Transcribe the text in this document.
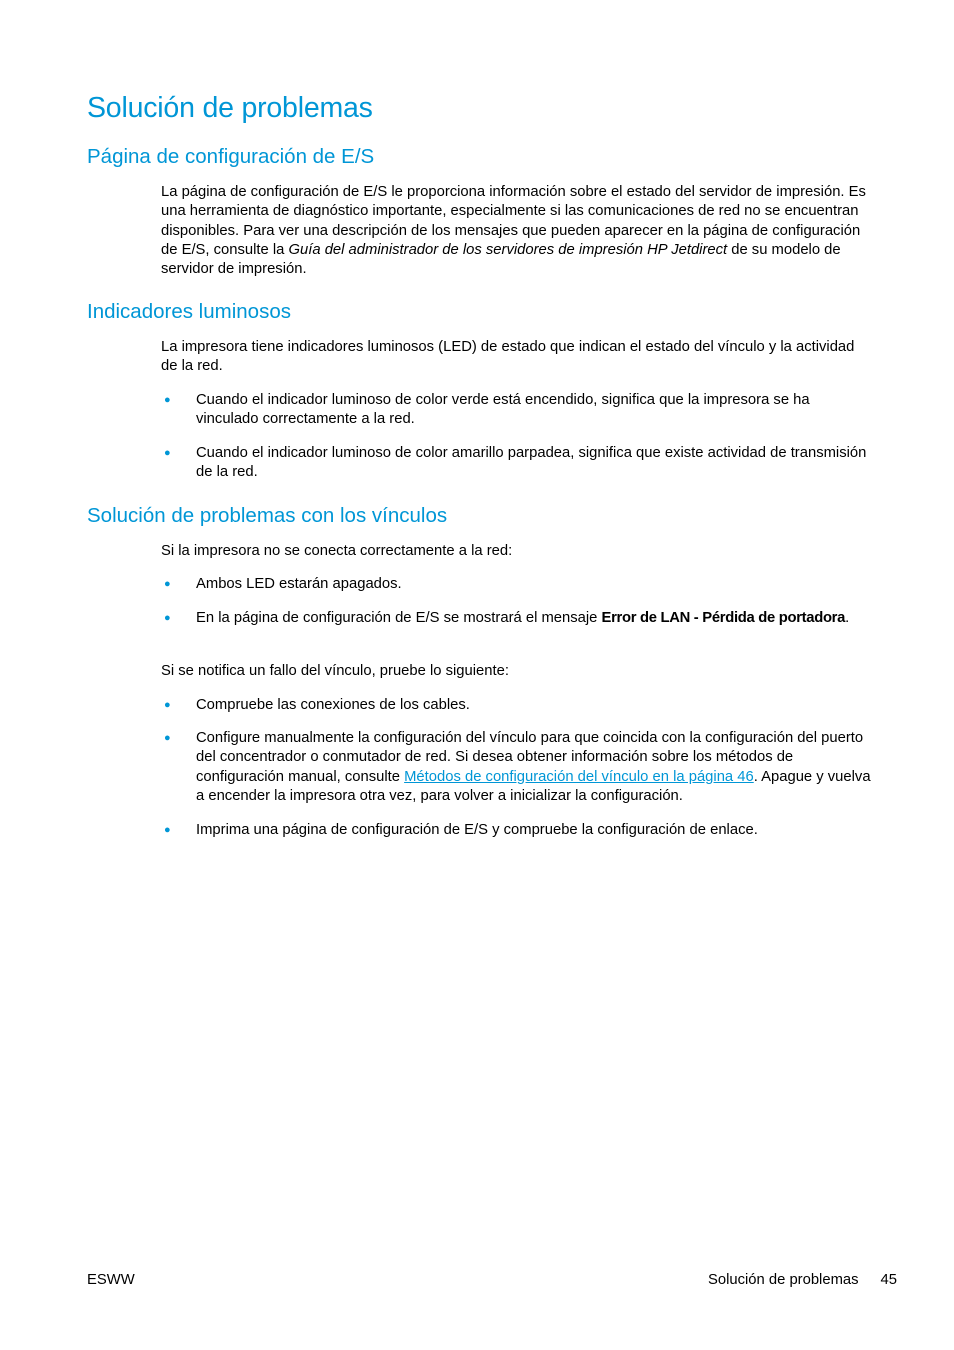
Solución de problemas
Página de configuración de E/S

La página de configuración de E/S le proporciona información sobre el estado del servidor de impresión. Es una herramienta de diagnóstico importante, especialmente si las comunicaciones de red no se encuentran disponibles. Para ver una descripción de los mensajes que pueden aparecer en la página de configuración de E/S, consulte la Guía del administrador de los servidores de impresión HP Jetdirect de su modelo de servidor de impresión.

Indicadores luminosos

La impresora tiene indicadores luminosos (LED) de estado que indican el estado del vínculo y la actividad de la red.

● Cuando el indicador luminoso de color verde está encendido, significa que la impresora se ha vinculado correctamente a la red.
● Cuando el indicador luminoso de color amarillo parpadea, significa que existe actividad de transmisión de la red.
Solución de problemas con los vínculos

Si la impresora no se conecta correctamente a la red:

● Ambos LED estarán apagados.
● En la página de configuración de E/S se mostrará el mensaje Error de LAN - Pérdida de portadora.

Si se notifica un fallo del vínculo, pruebe lo siguiente:

● Compruebe las conexiones de los cables.
● Configure manualmente la configuración del vínculo para que coincida con la configuración del puerto del concentrador o conmutador de red. Si desea obtener información sobre los métodos de configuración manual, consulte Métodos de configuración del vínculo en la página 46. Apague y vuelva a encender la impresora otra vez, para volver a inicializar la configuración.
● Imprima una página de configuración de E/S y compruebe la configuración de enlace.
ESWW	Solución de problemas 45
